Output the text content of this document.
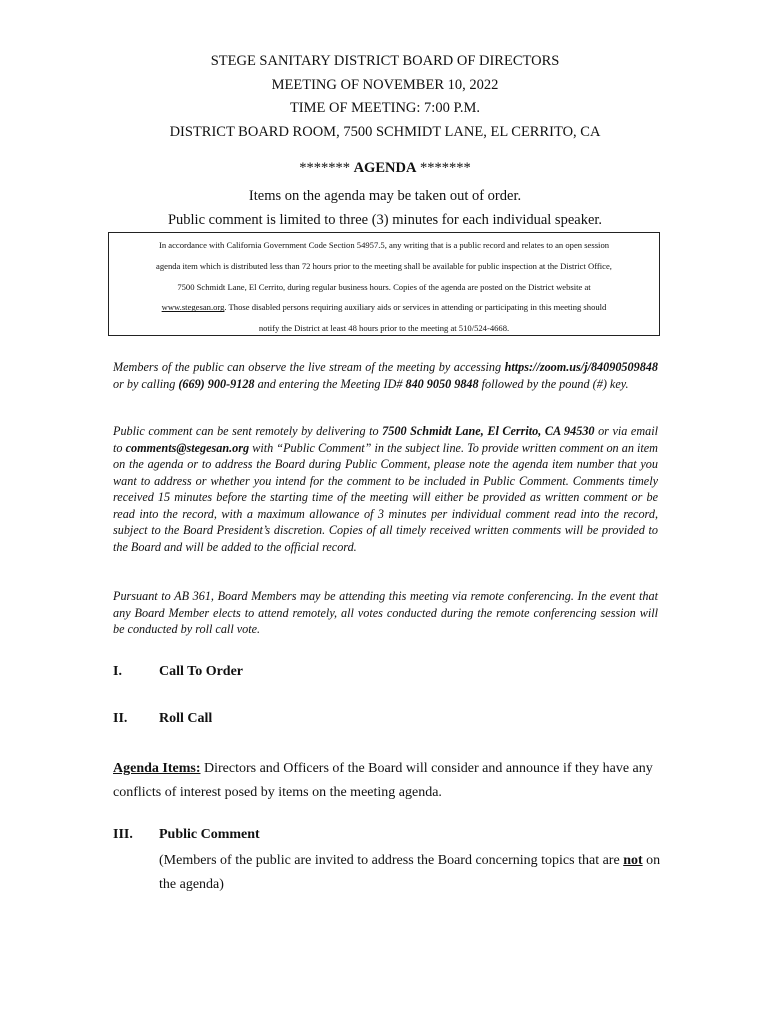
STEGE SANITARY DISTRICT BOARD OF DIRECTORS
MEETING OF NOVEMBER 10, 2022
TIME OF MEETING: 7:00 P.M.
DISTRICT BOARD ROOM, 7500 SCHMIDT LANE, EL CERRITO, CA
******* AGENDA *******
Items on the agenda may be taken out of order.
Public comment is limited to three (3) minutes for each individual speaker.
In accordance with California Government Code Section 54957.5, any writing that is a public record and relates to an open session
agenda item which is distributed less than 72 hours prior to the meeting shall be available for public inspection at the District Office,
7500 Schmidt Lane, El Cerrito, during regular business hours. Copies of the agenda are posted on the District website at
www.stegesan.org. Those disabled persons requiring auxiliary aids or services in attending or participating in this meeting should
notify the District at least 48 hours prior to the meeting at 510/524-4668.
Members of the public can observe the live stream of the meeting by accessing https://zoom.us/j/84090509848 or by calling (669) 900-9128 and entering the Meeting ID# 840 9050 9848 followed by the pound (#) key.
Public comment can be sent remotely by delivering to 7500 Schmidt Lane, El Cerrito, CA 94530 or via email to comments@stegesan.org with “Public Comment” in the subject line. To provide written comment on an item on the agenda or to address the Board during Public Comment, please note the agenda item number that you want to address or whether you intend for the comment to be included in Public Comment. Comments timely received 15 minutes before the starting time of the meeting will either be provided as written comment or be read into the record, with a maximum allowance of 3 minutes per individual comment read into the record, subject to the Board President’s discretion. Copies of all timely received written comments will be provided to the Board and will be added to the official record.
Pursuant to AB 361, Board Members may be attending this meeting via remote conferencing. In the event that any Board Member elects to attend remotely, all votes conducted during the remote conferencing session will be conducted by roll call vote.
I.	Call To Order
II. Roll Call
Agenda Items: Directors and Officers of the Board will consider and announce if they have any conflicts of interest posed by items on the meeting agenda.
III. Public Comment
(Members of the public are invited to address the Board concerning topics that are not on the agenda)
